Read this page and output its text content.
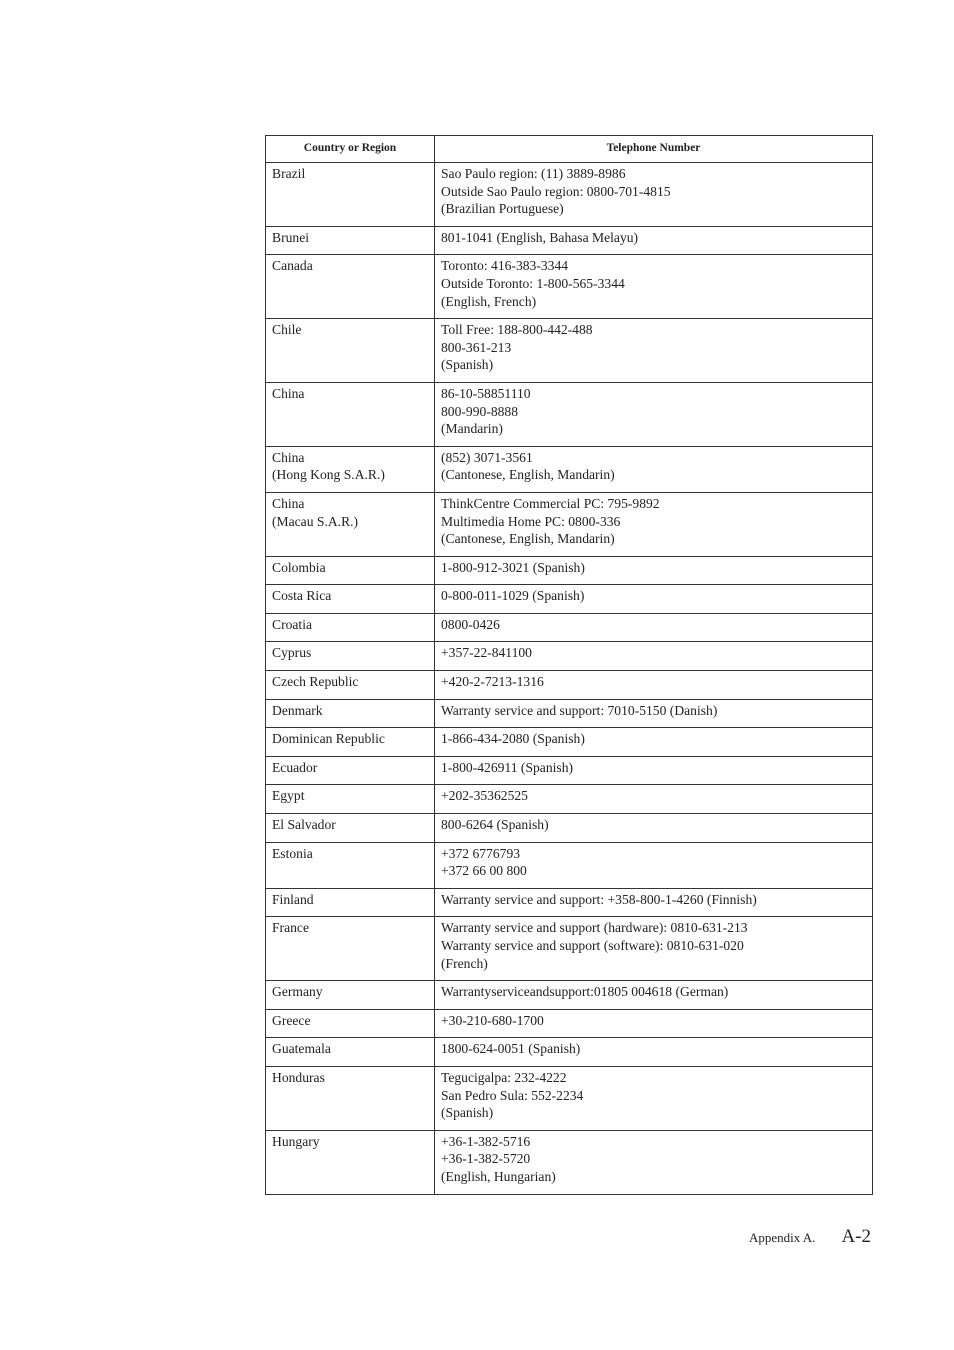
Country or Region	Telephone Number

Brazil	Sao Paulo region: (11) 3889-8986
Outside Sao Paulo region: 0800-701-4815
(Brazilian Portuguese)

Brunei	801-1041 (English, Bahasa Melayu)

Canada	Toronto: 416-383-3344
Outside Toronto: 1-800-565-3344
(English, French)

Chile	Toll Free: 188-800-442-488
800-361-213
(Spanish)

China	86-10-58851110
800-990-8888
(Mandarin)

China
(Hong Kong S.A.R.)	(852) 3071-3561
(Cantonese, English, Mandarin)

China
(Macau S.A.R.)	ThinkCentre Commercial PC: 795-9892
Multimedia Home PC: 0800-336
(Cantonese, English, Mandarin)

Colombia	1-800-912-3021 (Spanish)

Costa Rica	0-800-011-1029 (Spanish)

Croatia	0800-0426

Cyprus	+357-22-841100

Czech Republic	+420-2-7213-1316

Denmark	Warranty service and support: 7010-5150 (Danish)

Dominican Republic	1-866-434-2080 (Spanish)

Ecuador	1-800-426911 (Spanish)

Egypt	+202-35362525

El Salvador	800-6264 (Spanish)

Estonia	+372 6776793
+372 66 00 800

Finland	Warranty service and support: +358-800-1-4260 (Finnish)

France	Warranty service and support (hardware): 0810-631-213
Warranty service and support (software): 0810-631-020
(French)

Germany	Warrantyserviceandsupport:01805 004618 (German)

Greece	+30-210-680-1700

Guatemala	1800-624-0051 (Spanish)

Honduras	Tegucigalpa: 232-4222
San Pedro Sula: 552-2234
(Spanish)

Hungary	+36-1-382-5716
+36-1-382-5720
(English, Hungarian)
Appendix A. A-2
